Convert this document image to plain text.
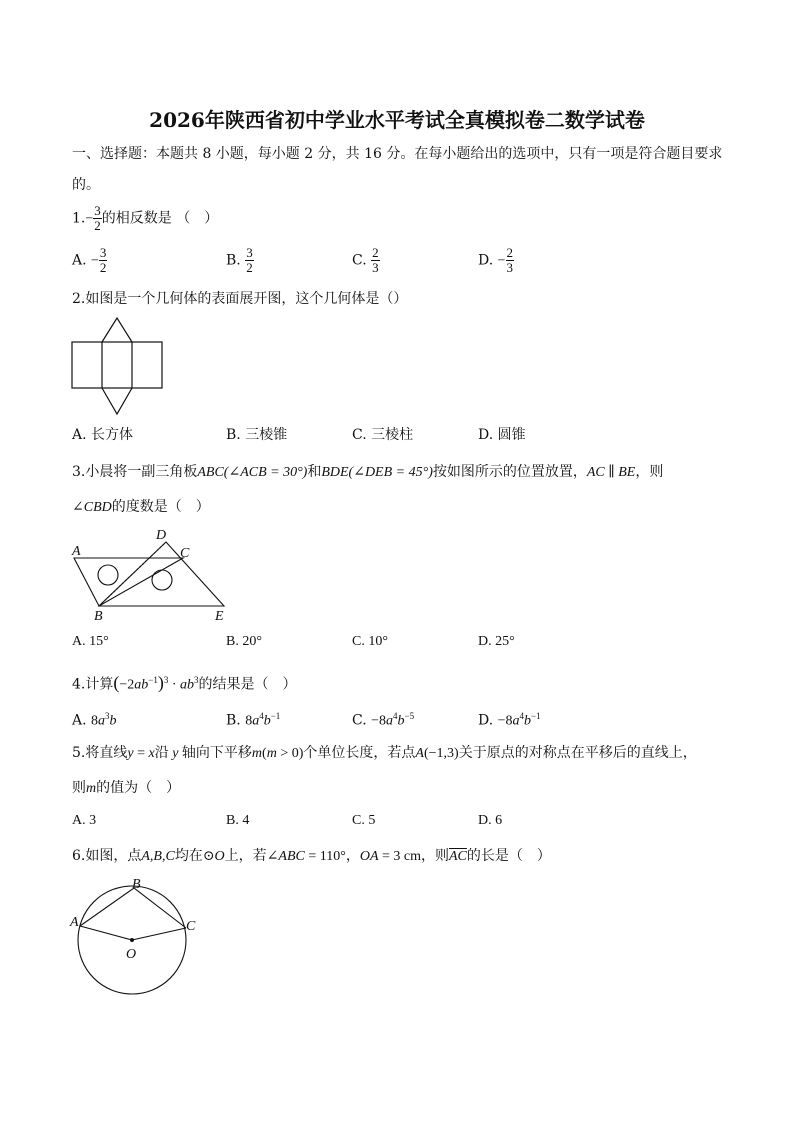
2026年陕西省初中学业水平考试全真模拟卷二数学试卷
一、选择题：本题共 8 小题，每小题 2 分，共 16 分。在每小题给出的选项中，只有一项是符合题目要求
的。
$1.- \frac{3}{2}$ 的相反数是 （　）
A. − $\frac{3}{2}$	B. $\frac{3}{2}$	C. $\frac{2}{3}$	D. − $\frac{2}{3}$
2.如图是一个几何体的表面展开图，这个几何体是（）
A. 长方体	B. 三棱锥	C. 三棱柱	D. 圆锥
3.小晨将一副三角板ABC(∠ACB = 30°)和BDE(∠DEB = 45°)按如图所示的位置放置，AC ∥ BE，则
∠CBD的度数是（　）
A
D
C
B	E
A. 15°	B. 20°	C. 10°	D. 25°
4.计算$(-2ab^{-1})^3 \cdot ab^3$的结果是（　）
A. $8a^3b$	B. $8a^4b^{-1}$	C. $-8a^4b^{-5}$	D. $-8a^4b^{-1}$
5.将直线y = x沿 y 轴向下平移m(m > 0)个单位长度，若点A(−1,3)关于原点的对称点在平移后的直线上，
则m的值为（　）
A. 3	B. 4	C. 5	D. 6
6.如图，点A,B,C均在⊙O上，若∠ABC = 110°，OA = 3 cm，则$\overline{AC}$的长是（　）
A
B
C
O
